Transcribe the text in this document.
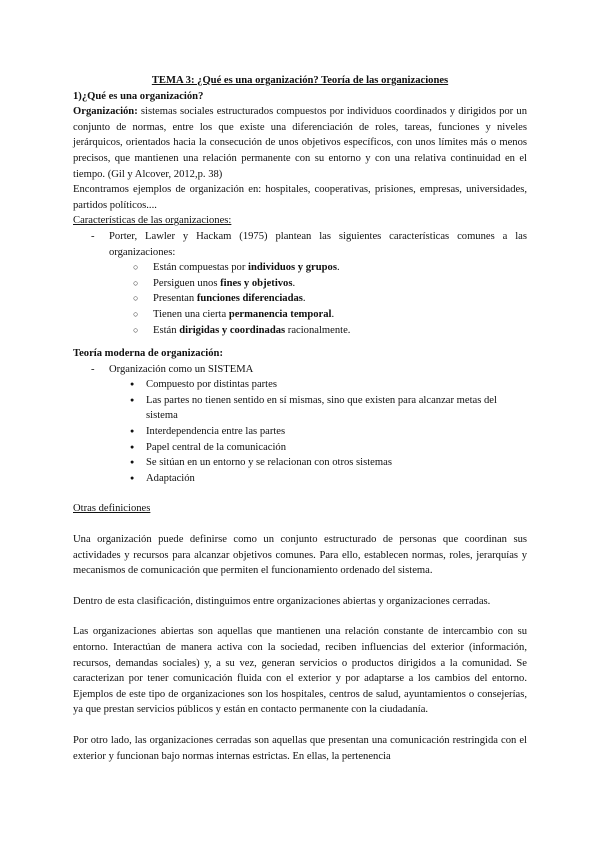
TEMA 3: ¿Qué es una organización? Teoría de las organizaciones

1)¿Qué es una organización?

Organización: sistemas sociales estructurados compuestos por individuos coordinados y dirigidos por un conjunto de normas, entre los que existe una diferenciación de roles, tareas, funciones y niveles jerárquicos, orientados hacia la consecución de unos objetivos específicos, con unos límites más o menos precisos, que mantienen una relación permanente con su entorno y con una relativa continuidad en el tiempo. (Gil y Alcover, 2012,p. 38)

Encontramos ejemplos de organización en: hospitales, cooperativas, prisiones, empresas, universidades, partidos políticos....

Características de las organizaciones:

- Porter, Lawler y Hackam (1975) plantean las siguientes características comunes a las organizaciones:
○ Están compuestas por individuos y grupos.
○ Persiguen unos fines y objetivos.
○ Presentan funciones diferenciadas.
○ Tienen una cierta permanencia temporal.
○ Están dirigidas y coordinadas racionalmente.

Teoría moderna de organización:

- Organización como un SISTEMA
● Compuesto por distintas partes
● Las partes no tienen sentido en sí mismas, sino que existen para alcanzar metas del sistema
● Interdependencia entre las partes
● Papel central de la comunicación
● Se sitúan en un entorno y se relacionan con otros sistemas
● Adaptación

Otras definiciones

Una organización puede definirse como un conjunto estructurado de personas que coordinan sus actividades y recursos para alcanzar objetivos comunes. Para ello, establecen normas, roles, jerarquías y mecanismos de comunicación que permiten el funcionamiento ordenado del sistema.

Dentro de esta clasificación, distinguimos entre organizaciones abiertas y organizaciones cerradas.

Las organizaciones abiertas son aquellas que mantienen una relación constante de intercambio con su entorno. Interactúan de manera activa con la sociedad, reciben influencias del exterior (información, recursos, demandas sociales) y, a su vez, generan servicios o productos dirigidos a la comunidad. Se caracterizan por tener comunicación fluida con el exterior y por adaptarse a los cambios del entorno. Ejemplos de este tipo de organizaciones son los hospitales, centros de salud, ayuntamientos o consejerías, ya que prestan servicios públicos y están en contacto permanente con la ciudadanía.

Por otro lado, las organizaciones cerradas son aquellas que presentan una comunicación restringida con el exterior y funcionan bajo normas internas estrictas. En ellas, la pertenencia
